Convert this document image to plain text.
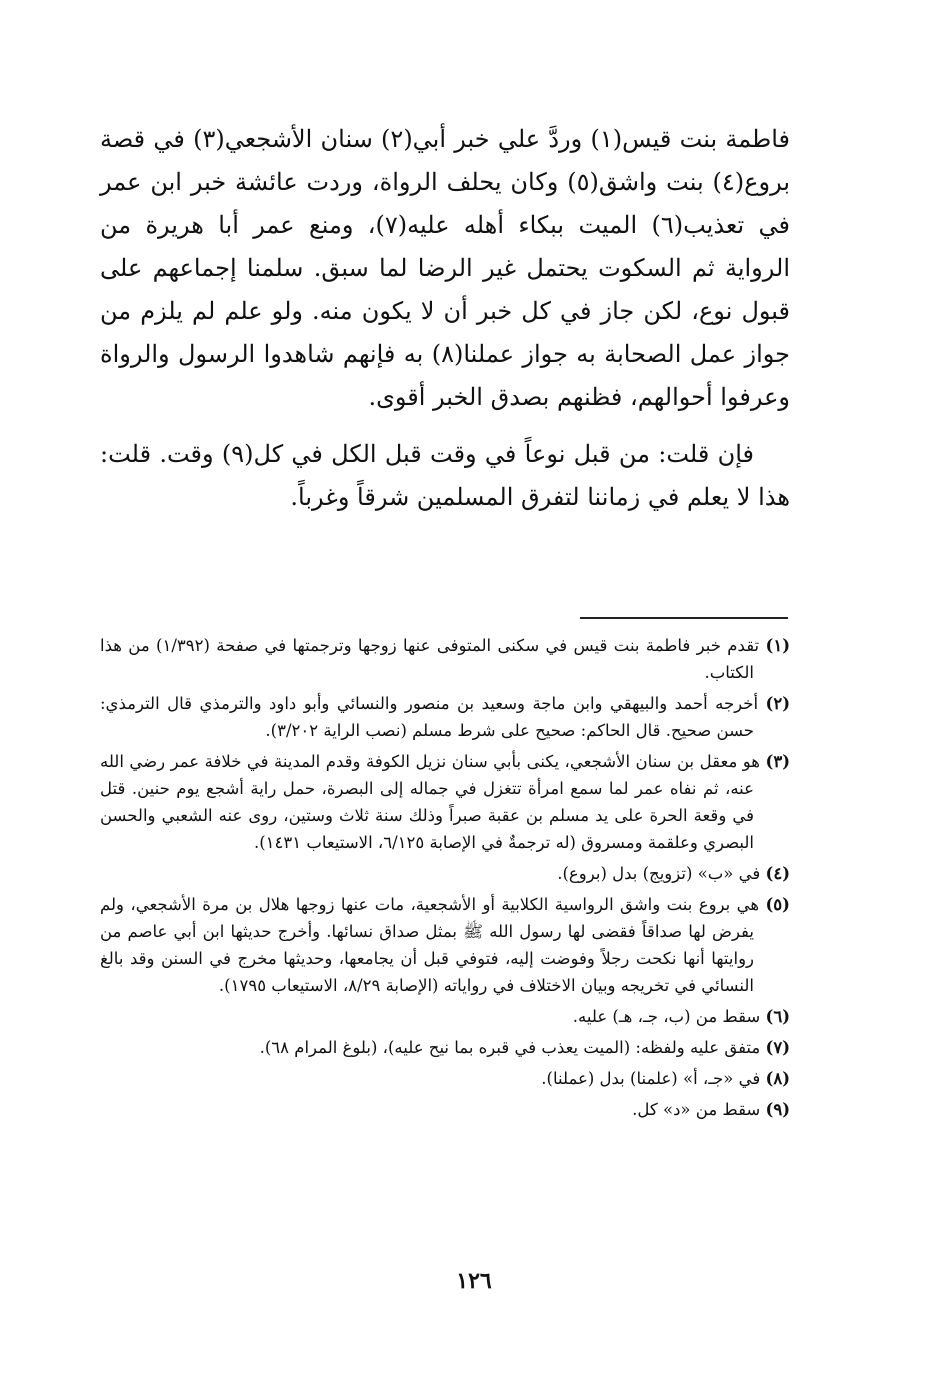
فاطمة بنت قيس(١) وردَّ علي خبر أبي(٢) سنان الأشجعي(٣) في قصة بروع(٤) بنت واشق(٥) وكان يحلف الرواة، وردت عائشة خبر ابن عمر في تعذيب(٦) الميت ببكاء أهله عليه(٧)، ومنع عمر أبا هريرة من الرواية ثم السكوت يحتمل غير الرضا لما سبق. سلمنا إجماعهم على قبول نوع، لكن جاز في كل خبر أن لا يكون منه. ولو علم لم يلزم من جواز عمل الصحابة به جواز عملنا(٨) به فإنهم شاهدوا الرسول والرواة وعرفوا أحوالهم، فظنهم بصدق الخبر أقوى.

فإن قلت: من قبل نوعاً في وقت قبل الكل في كل(٩) وقت. قلت: هذا لا يعلم في زماننا لتفرق المسلمين شرقاً وغرباً.

(١) تقدم خبر فاطمة بنت قيس في سكنى المتوفى عنها زوجها وترجمتها في صفحة (١/٣٩٢) من هذا الكتاب.

(٢) أخرجه أحمد والبيهقي وابن ماجة وسعيد بن منصور والنسائي وأبو داود والترمذي قال الترمذي: حسن صحيح. قال الحاكم: صحيح على شرط مسلم (نصب الراية ٣/٢٠٢).

(٣) هو معقل بن سنان الأشجعي، يكنى بأبي سنان نزيل الكوفة وقدم المدينة في خلافة عمر رضي الله عنه، ثم نفاه عمر لما سمع امرأة تتغزل في جماله إلى البصرة، حمل راية أشجع يوم حنين. قتل في وقعة الحرة على يد مسلم بن عقبة صبراً وذلك سنة ثلاث وستين، روى عنه الشعبي والحسن البصري وعلقمة ومسروق (له ترجمةٌ في الإصابة ٦/١٢٥، الاستيعاب ١٤٣١).

(٤) في «ب» (تزويج) بدل (بروع).

(٥) هي بروع بنت واشق الرواسية الكلابية أو الأشجعية، مات عنها زوجها هلال بن مرة الأشجعي، ولم يفرض لها صداقاً فقضى لها رسول الله ﷺ بمثل صداق نسائها. وأخرج حديثها ابن أبي عاصم من روايتها أنها نكحت رجلاً وفوضت إليه، فتوفي قبل أن يجامعها، وحديثها مخرج في السنن وقد بالغ النسائي في تخريجه وبيان الاختلاف في رواياته (الإصابة ٨/٢٩، الاستيعاب ١٧٩٥).

(٦) سقط من (ب، جـ، هـ) عليه.

(٧) متفق عليه ولفظه: (الميت يعذب في قبره بما نيح عليه)، (بلوغ المرام ٦٨).

(٨) في «جـ، أ» (علمنا) بدل (عملنا).

(٩) سقط من «د» كل.

١٢٦
